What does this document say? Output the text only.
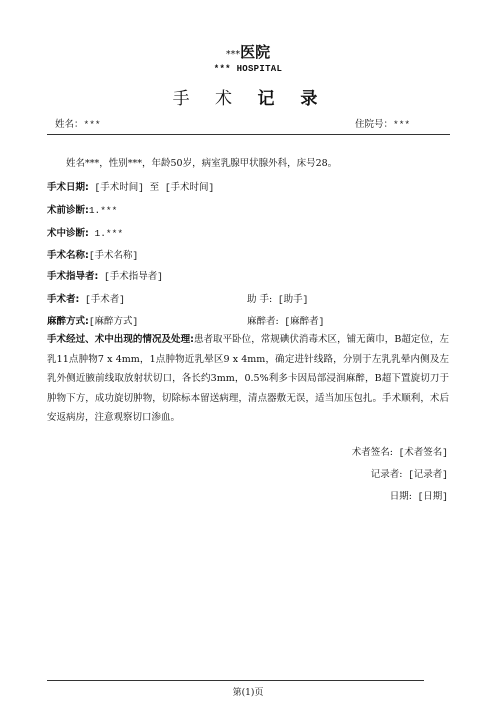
***医院
*** HOSPITAL
手 术 记 录
姓名：***	住院号：***
姓名***，性别***，年龄50岁，病室乳腺甲状腺外科，床号28。
手术日期: [手术时间] 至 [手术时间]
术前诊断:1.***
术中诊断: 1.***
手术名称:[手术名称]
手术指导者: [手术指导者]
手术者: [手术者]	助 手: [助手]
麻醉方式:[麻醉方式]	麻醉者: [麻醉者]
手术经过、术中出现的情况及处理:患者取平卧位，常规碘伏消毒术区，铺无菌巾，B超定位，左乳11点肿物7 x 4mm，1点肿物近乳晕区9 x 4mm，确定进针线路，分别于左乳乳晕内侧及左乳外侧近腋前线取放射状切口，各长约3mm，0.5%利多卡因局部浸润麻醉，B超下置旋切刀于肿物下方，成功旋切肿物，切除标本留送病理，清点器敷无误，适当加压包扎。手术顺利，术后安返病房，注意观察切口渗血。
术者签名: [术者签名]
记录者: [记录者]
日期: [日期]
第(1)页
